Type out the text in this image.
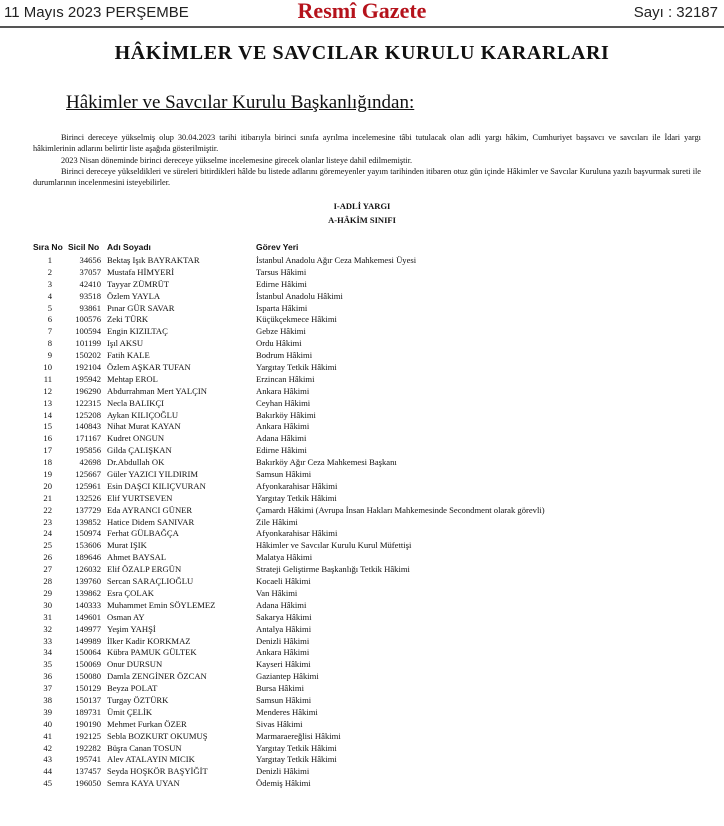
11 Mayıs 2023 PERŞEMBE	Resmî Gazete	Sayı : 32187
HÂKİMLER VE SAVCILAR KURULU KARARLARI
Hâkimler ve Savcılar Kurulu Başkanlığından:
Birinci dereceye yükselmiş olup 30.04.2023 tarihi itibarıyla birinci sınıfa ayrılma incelemesine tâbi tutulacak olan adli yargı hâkim, Cumhuriyet başsavcı ve savcıları ile İdari yargı hâkimlerinin adlarını belirtir liste aşağıda gösterilmiştir.
2023 Nisan döneminde birinci dereceye yükselme incelemesine girecek olanlar listeye dahil edilmemiştir.
Birinci dereceye yükseldikleri ve süreleri bitirdikleri hâlde bu listede adlarını göremeyenler yayım tarihinden itibaren otuz gün içinde Hâkimler ve Savcılar Kuruluna yazılı başvurmak sureti ile durumlarının incelenmesini isteyebilirler.
I-ADLİ YARGI
A-HÂKİM SINIFI
Sıra No Sicil No Adı Soyadı	Görev Yeri
1	34656 Bektaş Işık BAYRAKTAR	İstanbul Anadolu Ağır Ceza Mahkemesi Üyesi
2	37057 Mustafa HİMYERİ	Tarsus Hâkimi
3	42410 Tayyar ZÜMRÜT	Edirne Hâkimi
4	93518 Özlem YAYLA	İstanbul Anadolu Hâkimi
5	93861 Pınar GÜR SAVAR	Isparta Hâkimi
6	100576 Zeki TÜRK	Küçükçekmece Hâkimi
7	100594 Engin KIZILTAÇ	Gebze Hâkimi
8	101199 Işıl AKSU	Ordu Hâkimi
9	150202 Fatih KALE	Bodrum Hâkimi
10	192104 Özlem AŞKAR TUFAN	Yargıtay Tetkik Hâkimi
11	195942 Mehtap EROL	Erzincan Hâkimi
12	196290 Abdurrahman Mert YALÇIN	Ankara Hâkimi
13	122315 Necla BALIKÇI	Ceyhan Hâkimi
14	125208 Aykan KILIÇOĞLU	Bakırköy Hâkimi
15	140843 Nihat Murat KAYAN	Ankara Hâkimi
16	171167 Kudret ONGUN	Adana Hâkimi
17	195856 Gilda ÇALIŞKAN	Edirne Hâkimi
18	42698 Dr.Abdullah OK	Bakırköy Ağır Ceza Mahkemesi Başkanı
19	125667 Güler YAZICI YILDIRIM	Samsun Hâkimi
20	125961 Esin DAŞCI KILIÇVURAN	Afyonkarahisar Hâkimi
21	132526 Elif YURTSEVEN	Yargıtay Tetkik Hâkimi
22	137729 Eda AYRANCI GÜNER	Çamardı Hâkimi (Avrupa İnsan Hakları Mahkemesinde Secondment olarak görevli)
23	139852 Hatice Didem SANIVAR	Zile Hâkimi
24	150974 Ferhat GÜLBAĞÇA	Afyonkarahisar Hâkimi
25	153606 Murat IŞIK	Hâkimler ve Savcılar Kurulu Kurul Müfettişi
26	189646 Ahmet BAYSAL	Malatya Hâkimi
27	126032 Elif ÖZALP ERGÜN	Strateji Geliştirme Başkanlığı Tetkik Hâkimi
28	139760 Sercan SARAÇLIOĞLU	Kocaeli Hâkimi
29	139862 Esra ÇOLAK	Van Hâkimi
30	140333 Muhammet Emin SÖYLEMEZ	Adana Hâkimi
31	149601 Osman AY	Sakarya Hâkimi
32	149977 Yeşim YAHŞİ	Antalya Hâkimi
33	149989 İlker Kadir KORKMAZ	Denizli Hâkimi
34	150064 Kübra PAMUK GÜLTEK	Ankara Hâkimi
35	150069 Onur DURSUN	Kayseri Hâkimi
36	150080 Damla ZENGİNER ÖZCAN	Gaziantep Hâkimi
37	150129 Beyza POLAT	Bursa Hâkimi
38	150137 Turgay ÖZTÜRK	Samsun Hâkimi
39	189731 Ümit ÇELİK	Menderes Hâkimi
40	190190 Mehmet Furkan ÖZER	Sivas Hâkimi
41	192125 Sebla BOZKURT OKUMUŞ	Marmaraereğlisi Hâkimi
42	192282 Büşra Canan TOSUN	Yargıtay Tetkik Hâkimi
43	195741 Alev ATALAYIN MICIK	Yargıtay Tetkik Hâkimi
44	137457 Seyda HOŞKÖR BAŞYİĞİT	Denizli Hâkimi
45	196050 Semra KAYA UYAN	Ödemiş Hâkimi
